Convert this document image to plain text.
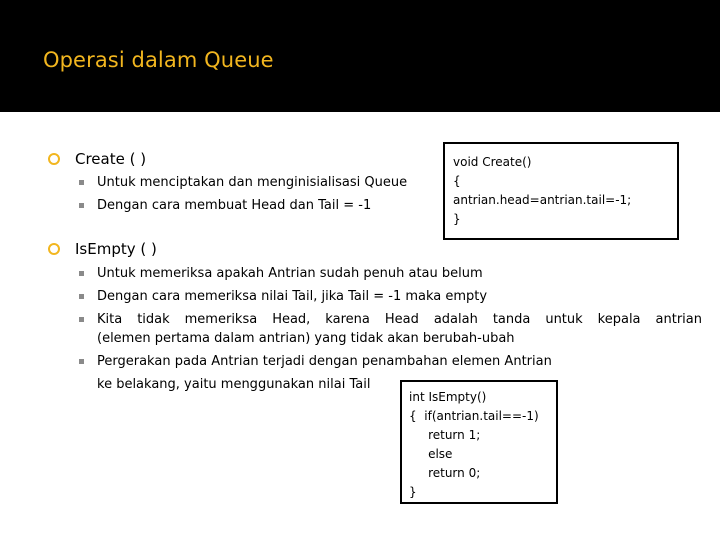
Operasi dalam Queue
Create ( )
Untuk menciptakan dan menginisialisasi Queue
Dengan cara membuat Head dan Tail = -1
void Create()
{
antrian.head=antrian.tail=-1;
}
IsEmpty ( )
Untuk memeriksa apakah Antrian sudah penuh atau belum
Dengan cara memeriksa nilai Tail, jika Tail = -1 maka empty
Kita tidak memeriksa Head, karena Head adalah tanda untuk kepala antrian
(elemen pertama dalam antrian) yang tidak akan berubah-ubah
Pergerakan pada Antrian terjadi dengan penambahan elemen Antrian
ke belakang, yaitu menggunakan nilai Tail
int IsEmpty()
{  if(antrian.tail==-1)
return 1;
else
return 0;
}
